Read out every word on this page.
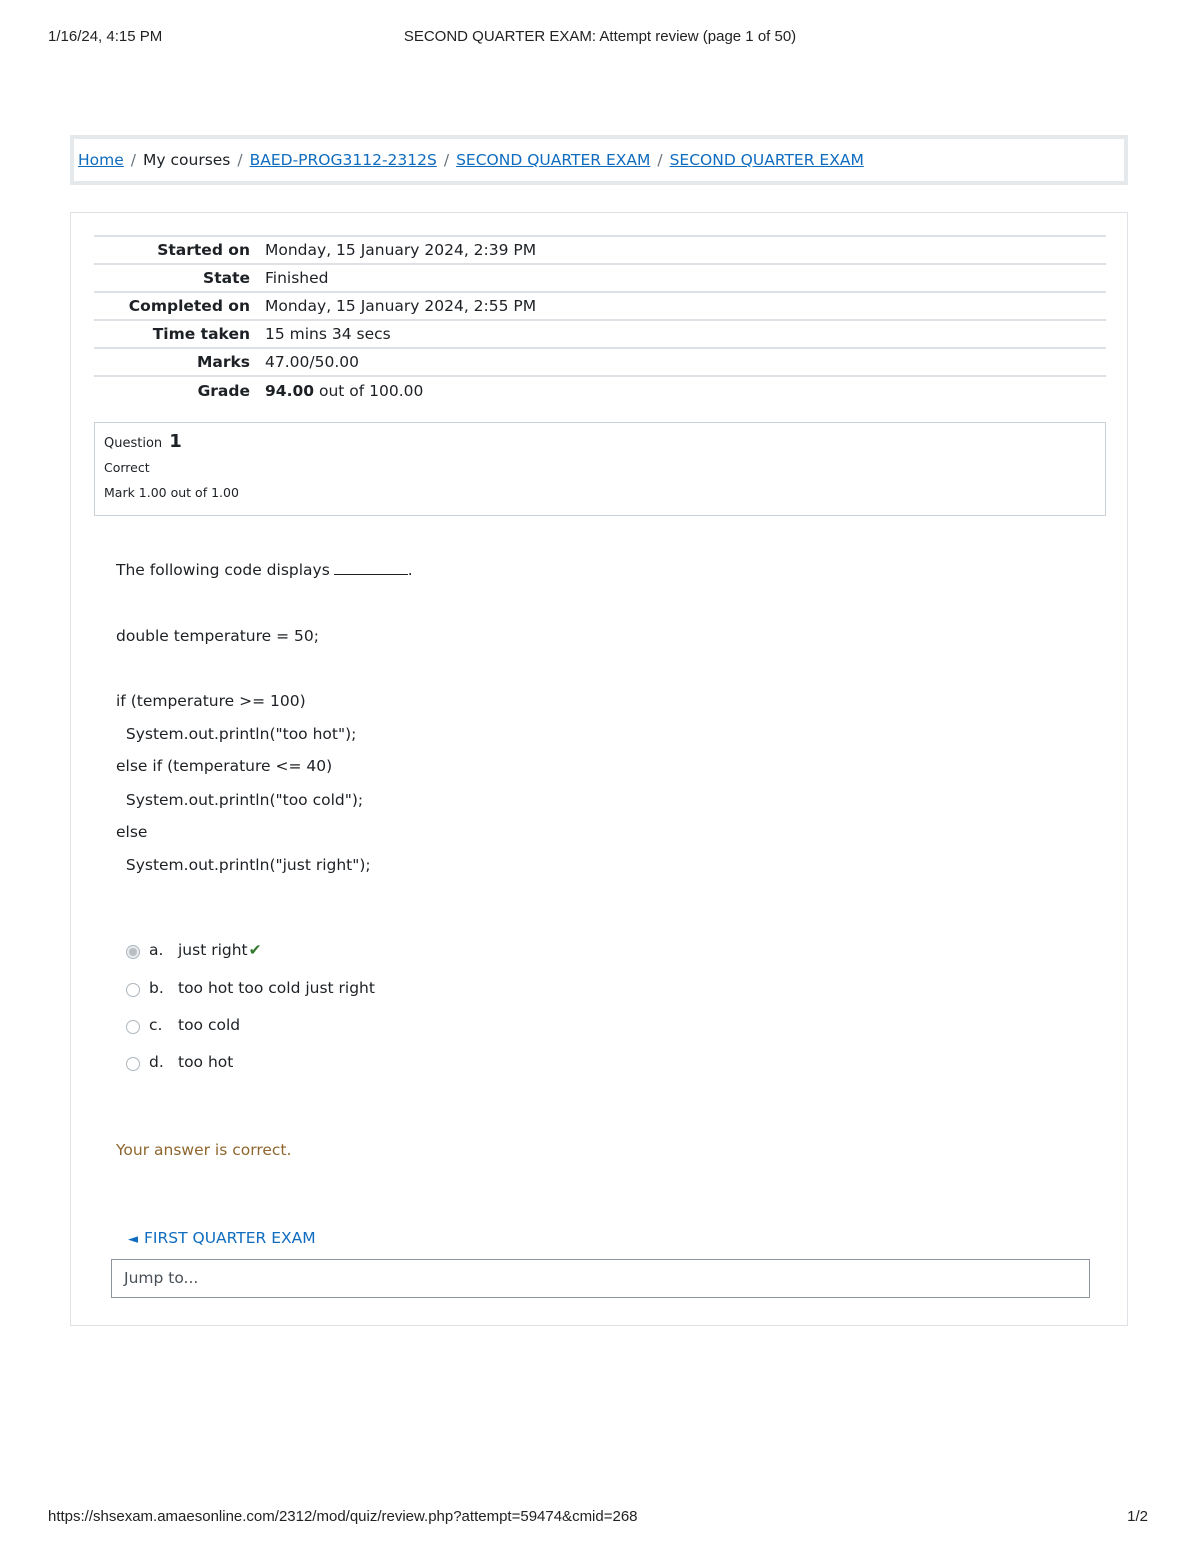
1/16/24, 4:15 PM	SECOND QUARTER EXAM: Attempt review (page 1 of 50)
Home / My courses / BAED-PROG3112-2312S / SECOND QUARTER EXAM / SECOND QUARTER EXAM
Started on	Monday, 15 January 2024, 2:39 PM
State	Finished
Completed on	Monday, 15 January 2024, 2:55 PM
Time taken	15 mins 34 secs
Marks	47.00/50.00
Grade	94.00 out of 100.00
Question 1
Correct
Mark 1.00 out of 1.00
The following code displays	.
double temperature = 50;
if (temperature >= 100)
System.out.println("too hot");
else if (temperature <= 40)
System.out.println("too cold");
else
System.out.println("just right");
a. just right✔
b. too hot too cold just right
c. too cold
d. too hot
Your answer is correct.
◄ FIRST QUARTER EXAM
Jump to...
https://shsexam.amaesonline.com/2312/mod/quiz/review.php?attempt=59474&cmid=268	1/2
